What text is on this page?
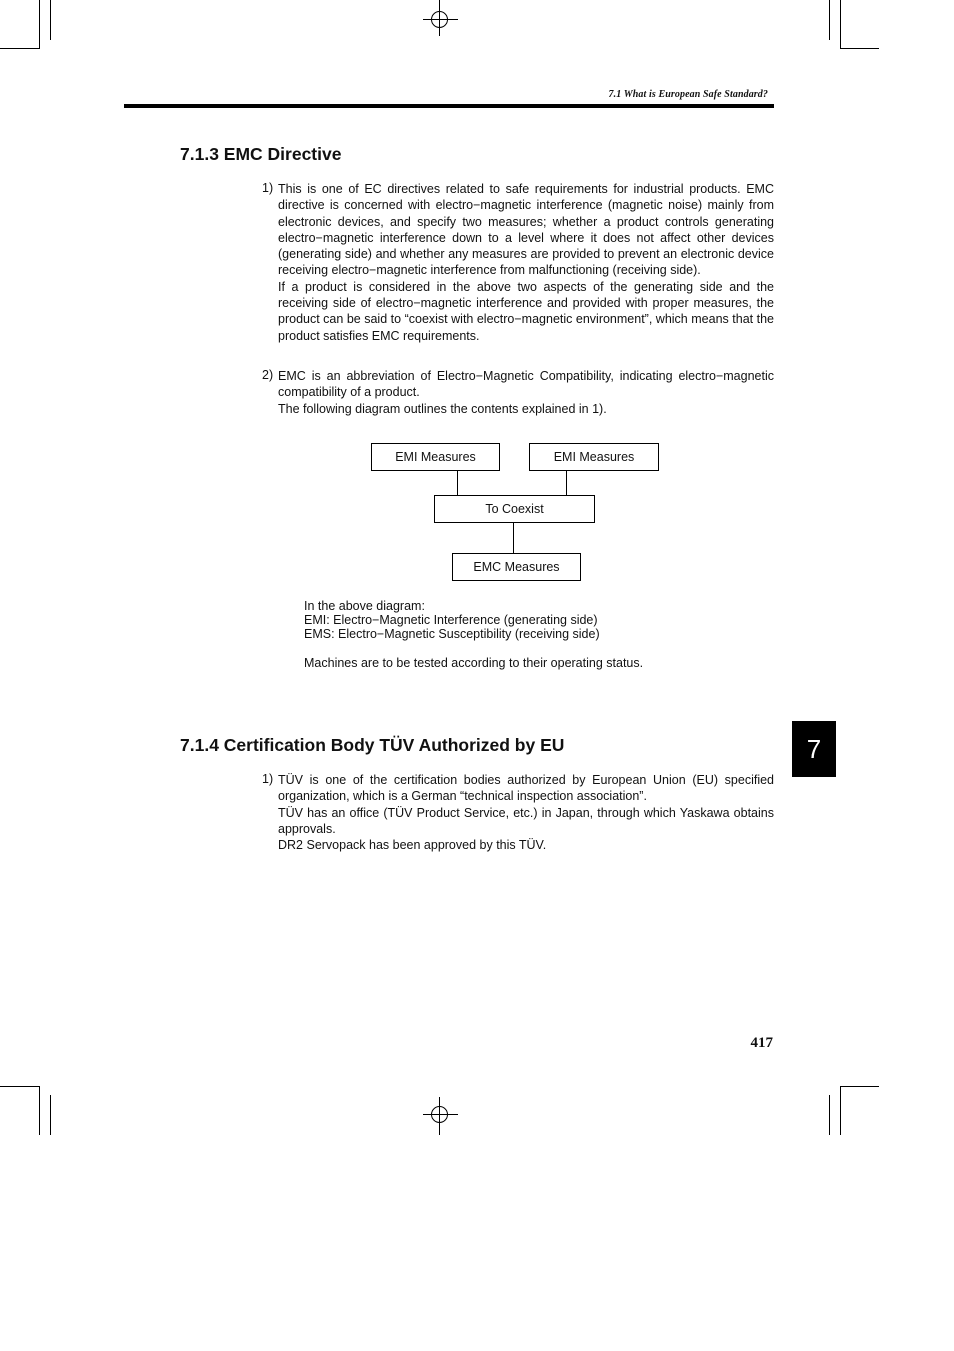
7.1 What is European Safe Standard?
7.1.3 EMC Directive
1) This is one of EC directives related to safe requirements for industrial products. EMC directive is concerned with electro−magnetic interference (magnetic noise) mainly from electronic devices, and specify two measures; whether a product controls generating electro−magnetic interference down to a level where it does not affect other devices (generating side) and whether any measures are provided to prevent an electronic device receiving electro−magnetic interference from malfunctioning (receiving side).

If a product is considered in the above two aspects of the generating side and the receiving side of electro−magnetic interference and provided with proper measures, the product can be said to “coexist with electro−magnetic environment”, which means that the product satisfies EMC requirements.

2) EMC is an abbreviation of Electro−Magnetic Compatibility, indicating electro−magnetic compatibility of a product.

The following diagram outlines the contents explained in 1).

EMI Measures	EMI Measures
To Coexist
EMC Measures
In the above diagram:
EMI: Electro−Magnetic Interference (generating side)
EMS: Electro−Magnetic Susceptibility (receiving side)
Machines are to be tested according to their operating status.
7.1.4 Certification Body TÜV Authorized by EU
1) TÜV is one of the certification bodies authorized by European Union (EU) specified organization, which is a German “technical inspection association”.

TÜV has an office (TÜV Product Service, etc.) in Japan, through which Yaskawa obtains approvals.

DR2 Servopack has been approved by this TÜV.

7
417
